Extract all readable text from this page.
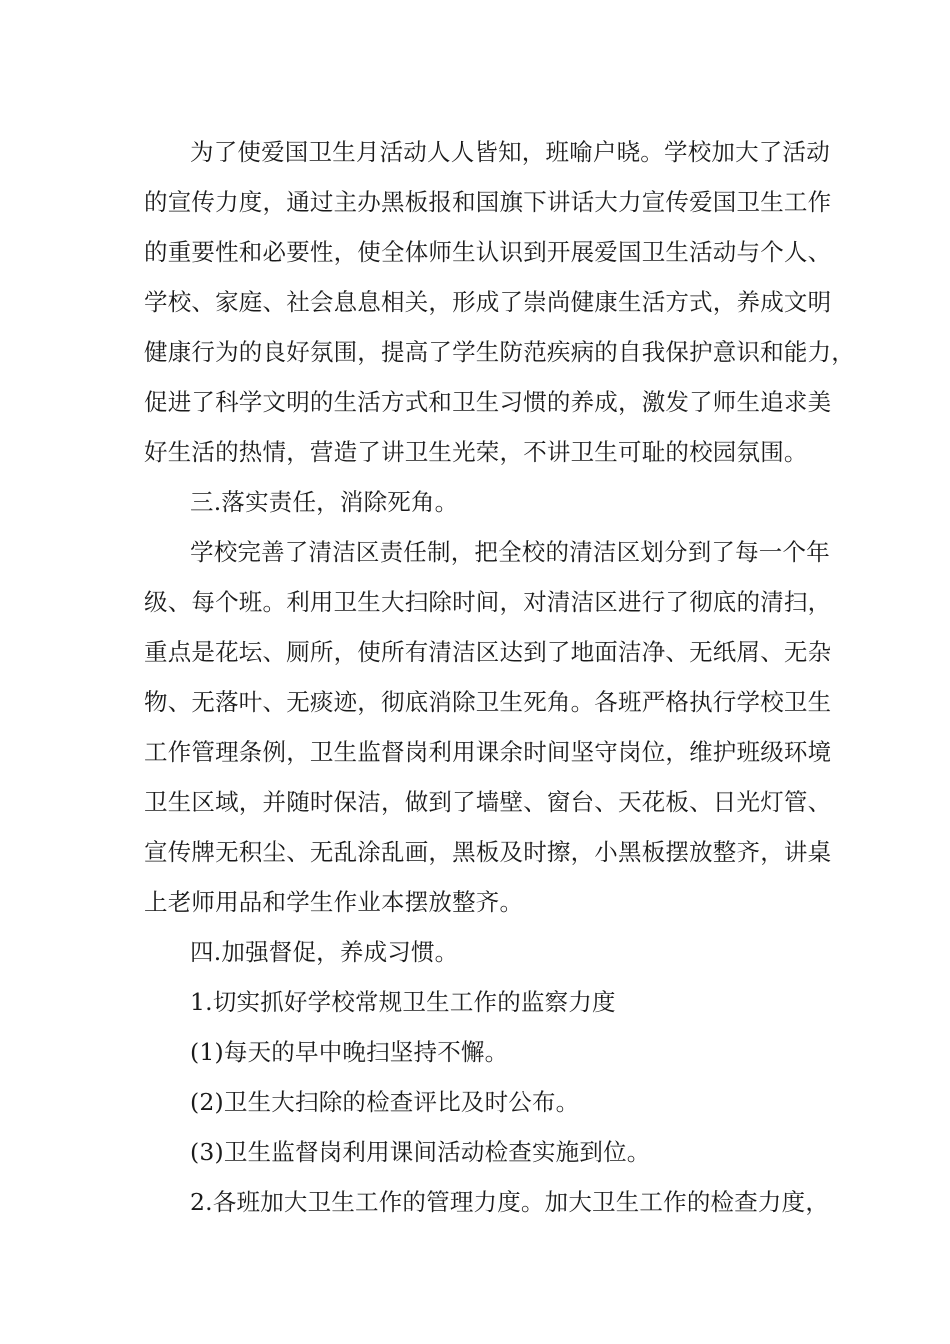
为了使爱国卫生月活动人人皆知，班喻户晓。学校加大了活动
的宣传力度，通过主办黑板报和国旗下讲话大力宣传爱国卫生工作
的重要性和必要性，使全体师生认识到开展爱国卫生活动与个人、
学校、家庭、社会息息相关，形成了崇尚健康生活方式，养成文明
健康行为的良好氛围，提高了学生防范疾病的自我保护意识和能力，
促进了科学文明的生活方式和卫生习惯的养成，激发了师生追求美
好生活的热情，营造了讲卫生光荣，不讲卫生可耻的校园氛围。
三.落实责任，消除死角。
学校完善了清洁区责任制，把全校的清洁区划分到了每一个年
级、每个班。利用卫生大扫除时间，对清洁区进行了彻底的清扫，
重点是花坛、厕所，使所有清洁区达到了地面洁净、无纸屑、无杂
物、无落叶、无痰迹，彻底消除卫生死角。各班严格执行学校卫生
工作管理条例，卫生监督岗利用课余时间坚守岗位，维护班级环境
卫生区域，并随时保洁，做到了墙壁、窗台、天花板、日光灯管、
宣传牌无积尘、无乱涂乱画，黑板及时擦，小黑板摆放整齐，讲桌
上老师用品和学生作业本摆放整齐。
四.加强督促，养成习惯。
1.切实抓好学校常规卫生工作的监察力度
(1)每天的早中晚扫坚持不懈。
(2)卫生大扫除的检查评比及时公布。
(3)卫生监督岗利用课间活动检查实施到位。
2.各班加大卫生工作的管理力度。加大卫生工作的检查力度，
